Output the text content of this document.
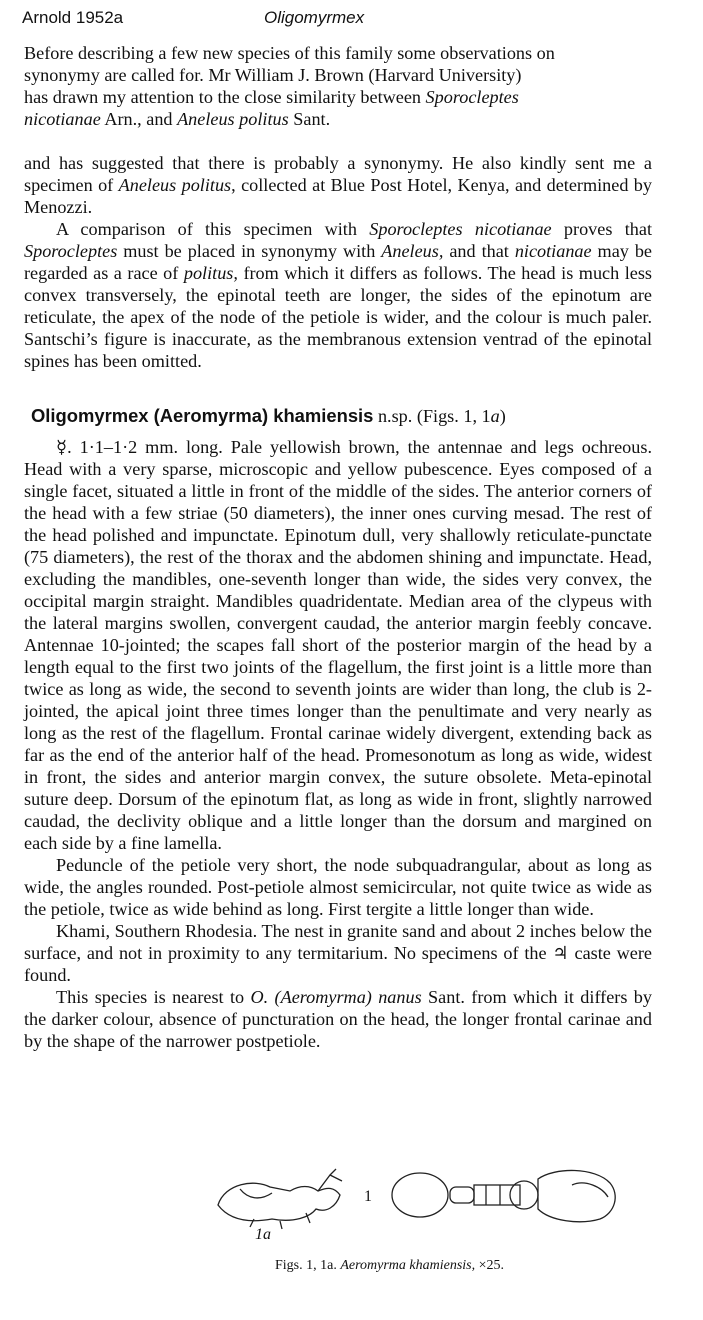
Arnold 1952a	Oligomyrmex

Before describing a few new species of this family some observations on

synonymy are called for. Mr William J. Brown (Harvard University)

has drawn my attention to the close similarity between Sporocleptes

nicotianae Arn., and Aneleus politus Sant.

and has suggested that there is probably a synonymy. He also kindly sent me a specimen of Aneleus politus, collected at Blue Post Hotel, Kenya, and determined by Menozzi.

A comparison of this specimen with Sporocleptes nicotianae proves that Sporocleptes must be placed in synonymy with Aneleus, and that nicotianae may be regarded as a race of politus, from which it differs as follows. The head is much less convex transversely, the epinotal teeth are longer, the sides of the epinotum are reticulate, the apex of the node of the petiole is wider, and the colour is much paler. Santschi’s figure is inaccurate, as the membranous extension ventrad of the epinotal spines has been omitted.

Oligomyrmex (Aeromyrma) khamiensis n.sp. (Figs. 1, 1a)

☿. 1·1–1·2 mm. long. Pale yellowish brown, the antennae and legs ochreous. Head with a very sparse, microscopic and yellow pubescence. Eyes composed of a single facet, situated a little in front of the middle of the sides. The anterior corners of the head with a few striae (50 diameters), the inner ones curving mesad. The rest of the head polished and impunctate. Epinotum dull, very shallowly reticulate-punctate (75 diameters), the rest of the thorax and the abdomen shining and impunctate. Head, excluding the mandibles, one-seventh longer than wide, the sides very convex, the occipital margin straight. Mandibles quadridentate. Median area of the clypeus with the lateral margins swollen, convergent caudad, the anterior margin feebly concave. Antennae 10-jointed; the scapes fall short of the posterior margin of the head by a length equal to the first two joints of the flagellum, the first joint is a little more than twice as long as wide, the second to seventh joints are wider than long, the club is 2-jointed, the apical joint three times longer than the penultimate and very nearly as long as the rest of the flagellum. Frontal carinae widely divergent, extending back as far as the end of the anterior half of the head. Promesonotum as long as wide, widest in front, the sides and anterior margin convex, the suture obsolete. Meta-epinotal suture deep. Dorsum of the epinotum flat, as long as wide in front, slightly narrowed caudad, the declivity oblique and a little longer than the dorsum and margined on each side by a fine lamella.

Peduncle of the petiole very short, the node subquadrangular, about as long as wide, the angles rounded. Post-petiole almost semicircular, not quite twice as wide as the petiole, twice as wide behind as long. First tergite a little longer than wide.

Khami, Southern Rhodesia. The nest in granite sand and about 2 inches below the surface, and not in proximity to any termitarium. No specimens of the ♃ caste were found.

This species is nearest to O. (Aeromyrma) nanus Sant. from which it differs by the darker colour, absence of puncturation on the head, the longer frontal carinae and by the shape of the narrower postpetiole.

1
1a
Figs. 1, 1a. Aeromyrma khamiensis, ×25.
